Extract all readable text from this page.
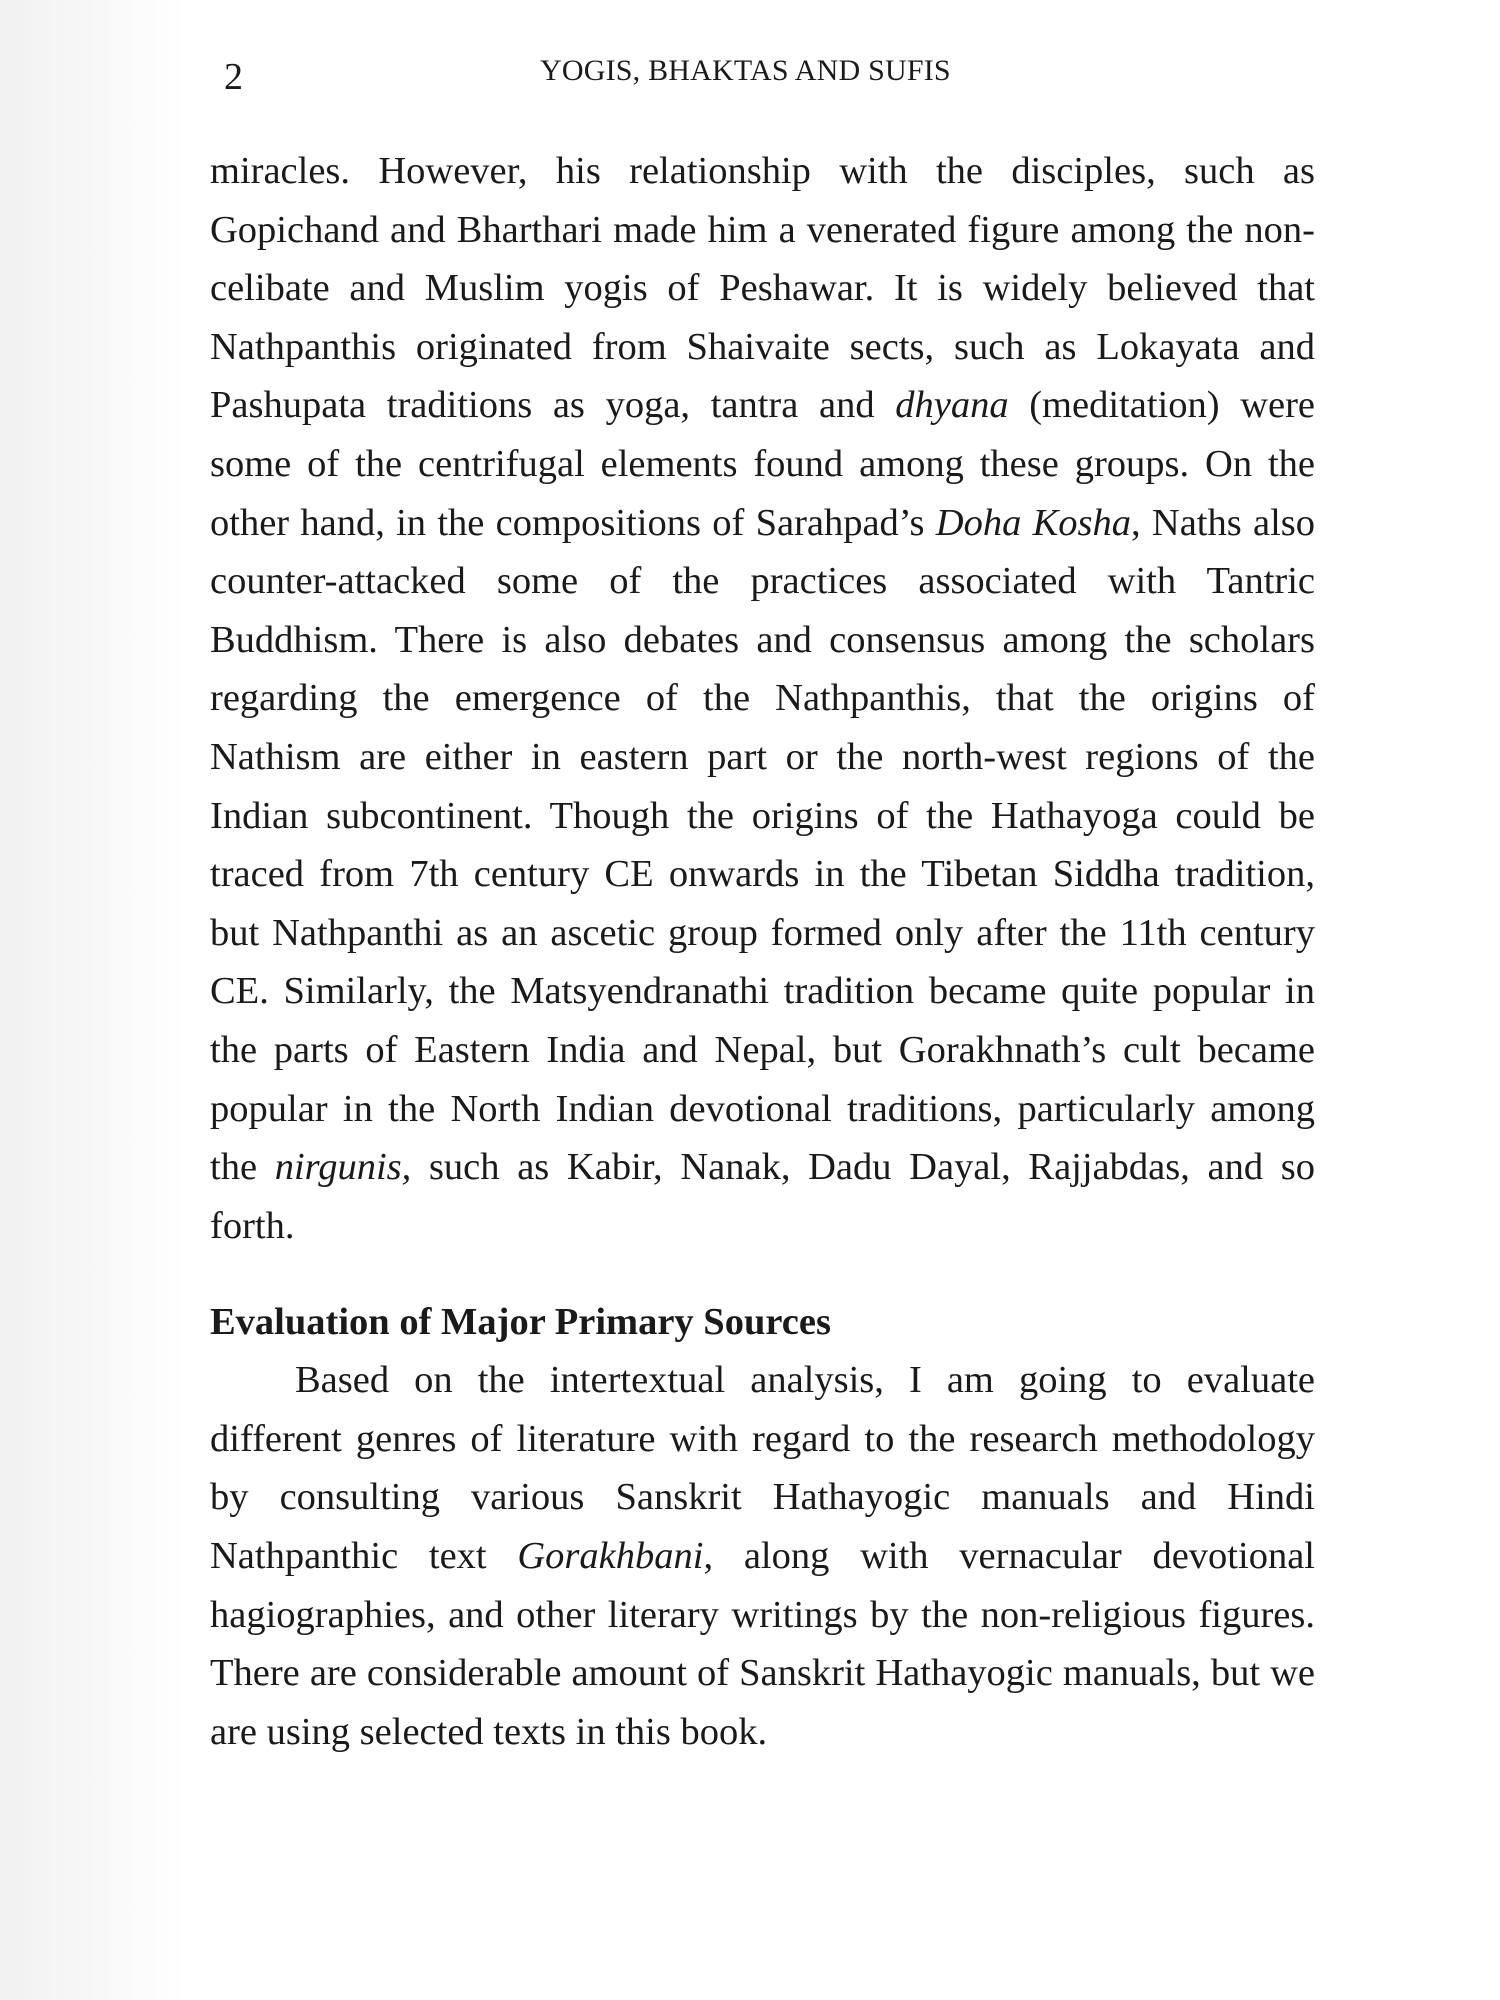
2	YOGIS, BHAKTAS AND SUFIS

miracles. However, his relationship with the disciples, such as Gopichand and Bharthari made him a venerated figure among the non-celibate and Muslim yogis of Peshawar. It is widely believed that Nathpanthis originated from Shaivaite sects, such as Lokayata and Pashupata traditions as yoga, tantra and dhyana (meditation) were some of the centrifugal elements found among these groups. On the other hand, in the compositions of Sarahpad’s Doha Kosha, Naths also counter-attacked some of the practices associated with Tantric Buddhism. There is also debates and consensus among the scholars regarding the emergence of the Nathpanthis, that the origins of Nathism are either in eastern part or the north-west regions of the Indian subcontinent. Though the origins of the Hathayoga could be traced from 7th century CE onwards in the Tibetan Siddha tradition, but Nathpanthi as an ascetic group formed only after the 11th century CE. Similarly, the Matsyendranathi tradition became quite popular in the parts of Eastern India and Nepal, but Gorakhnath’s cult became popular in the North Indian devotional traditions, particularly among the nirgunis, such as Kabir, Nanak, Dadu Dayal, Rajjabdas, and so forth.

Evaluation of Major Primary Sources

Based on the intertextual analysis, I am going to evaluate different genres of literature with regard to the research methodology by consulting various Sanskrit Hathayogic manuals and Hindi Nathpanthic text Gorakhbani, along with vernacular devotional hagiographies, and other literary writings by the non-religious figures. There are considerable amount of Sanskrit Hathayogic manuals, but we are using selected texts in this book.
